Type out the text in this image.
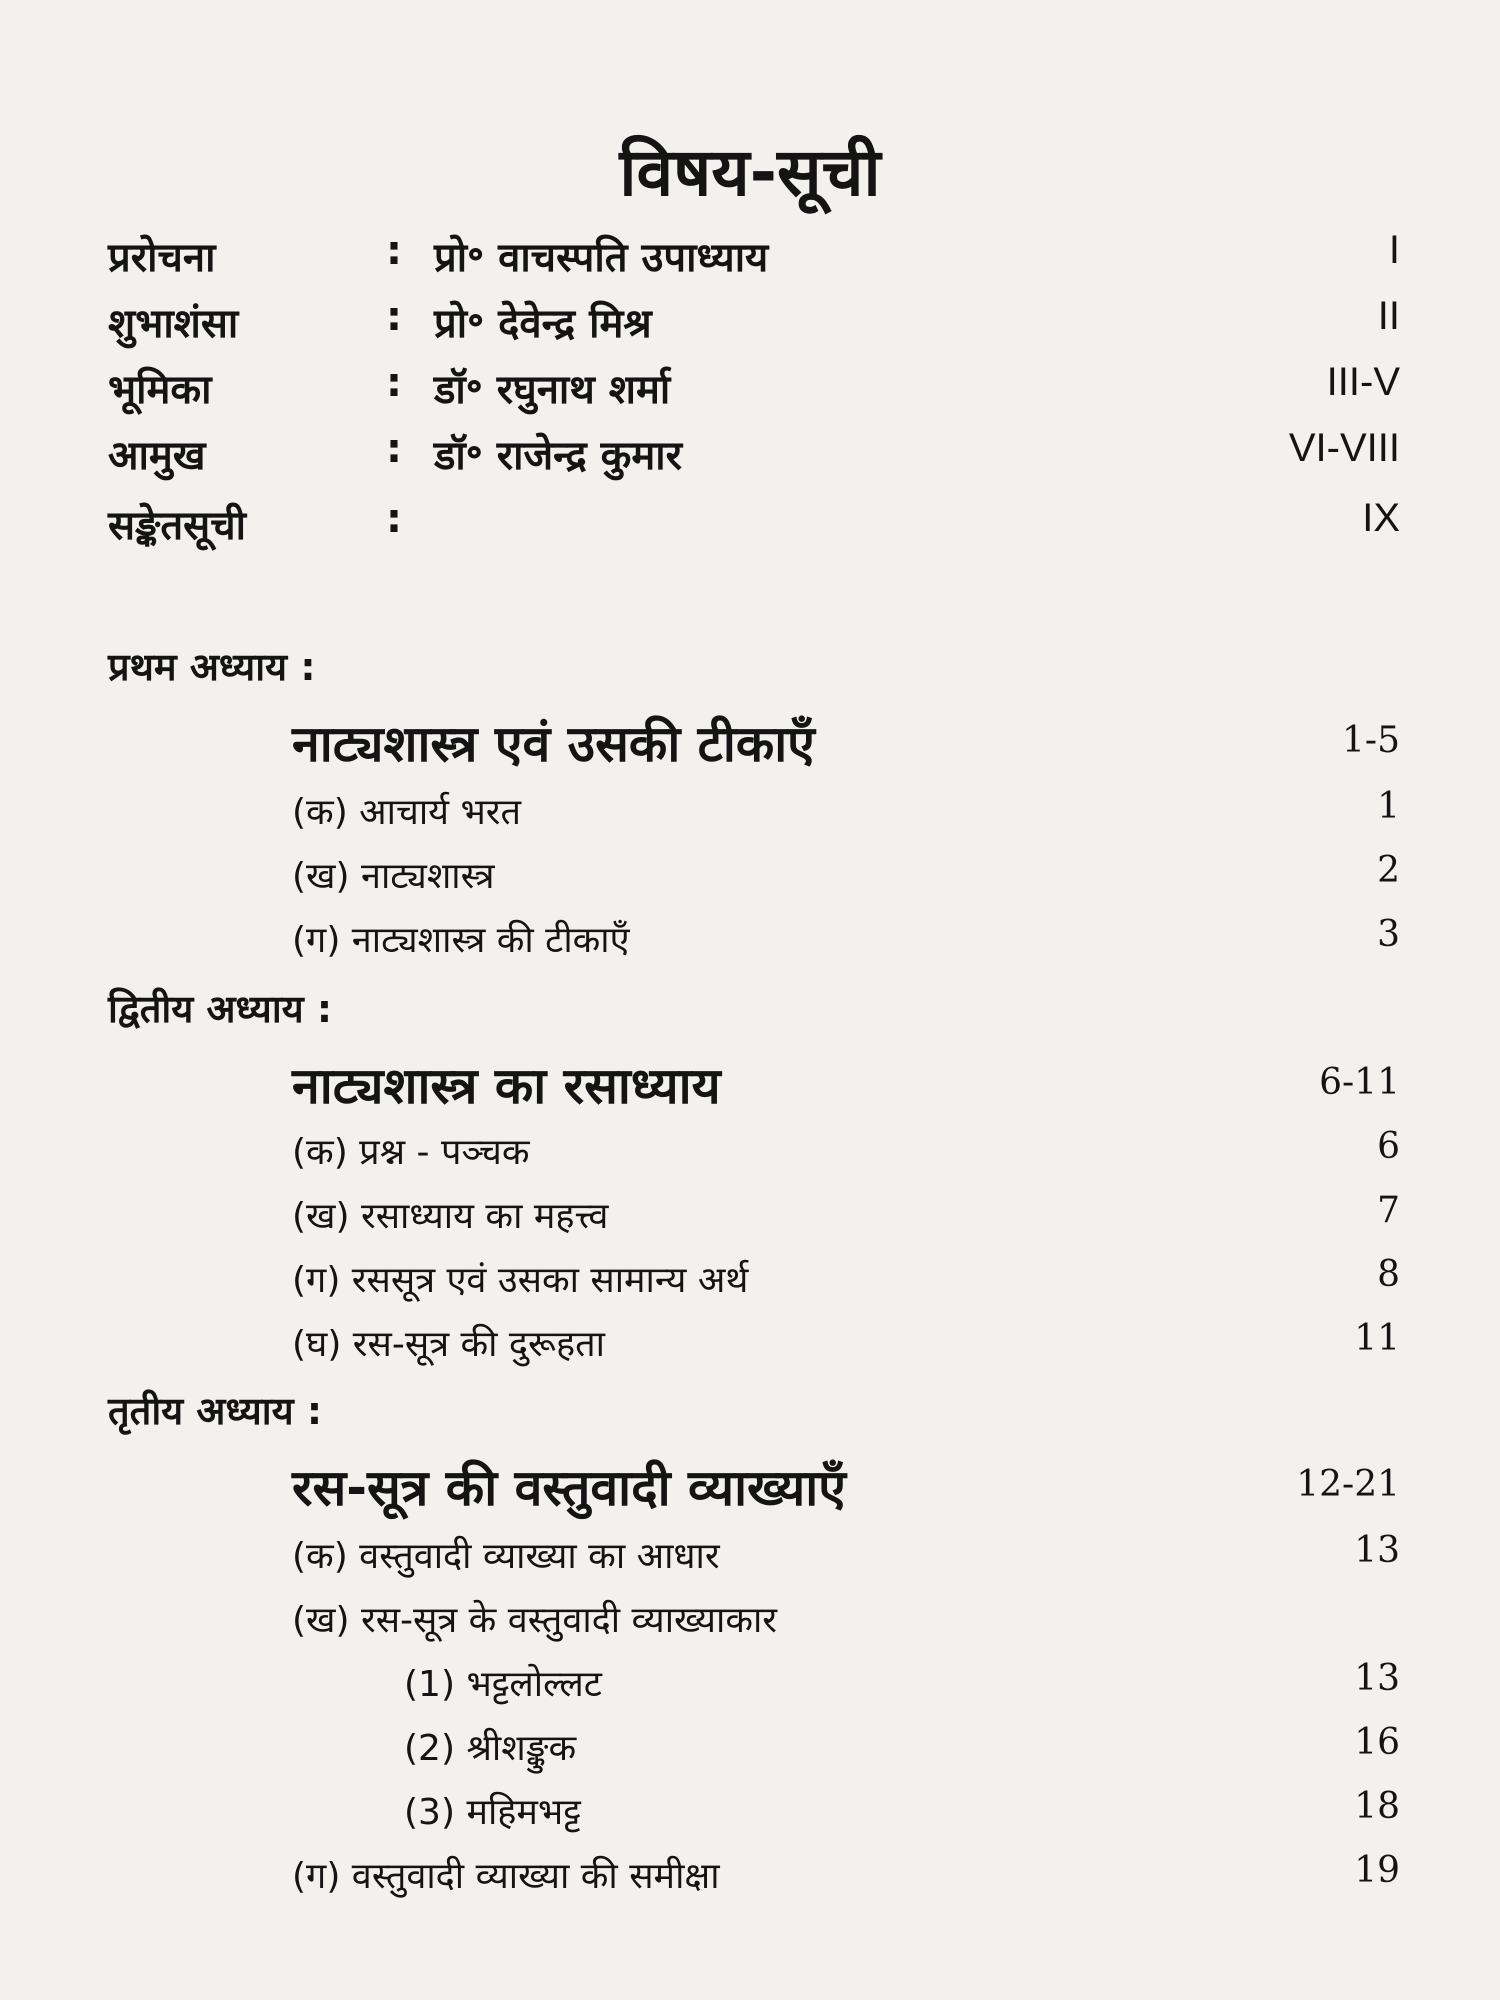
विषय-सूची
प्ररोचना	: प्रो॰ वाचस्पति उपाध्याय	I
शुभाशंसा	: प्रो॰ देवेन्द्र मिश्र	II
भूमिका	: डॉ॰ रघुनाथ शर्मा	III-V
आमुख	: डॉ॰ राजेन्द्र कुमार	VI-VIII
सङ्केतसूची	:	IX
प्रथम अध्याय :
नाट्यशास्त्र एवं उसकी टीकाएँ	1-5
(क) आचार्य भरत	1
(ख) नाट्यशास्त्र	2
(ग) नाट्यशास्त्र की टीकाएँ	3
द्वितीय अध्याय :
नाट्यशास्त्र का रसाध्याय	6-11
(क) प्रश्न - पञ्चक	6
(ख) रसाध्याय का महत्त्व	7
(ग) रससूत्र एवं उसका सामान्य अर्थ	8
(घ) रस-सूत्र की दुरूहता	11
तृतीय अध्याय :
रस-सूत्र की वस्तुवादी व्याख्याएँ	12-21
(क) वस्तुवादी व्याख्या का आधार	13
(ख) रस-सूत्र के वस्तुवादी व्याख्याकार
(1) भट्टलोल्लट	13
(2) श्रीशङ्कुक	16
(3) महिमभट्ट	18
(ग) वस्तुवादी व्याख्या की समीक्षा	19
